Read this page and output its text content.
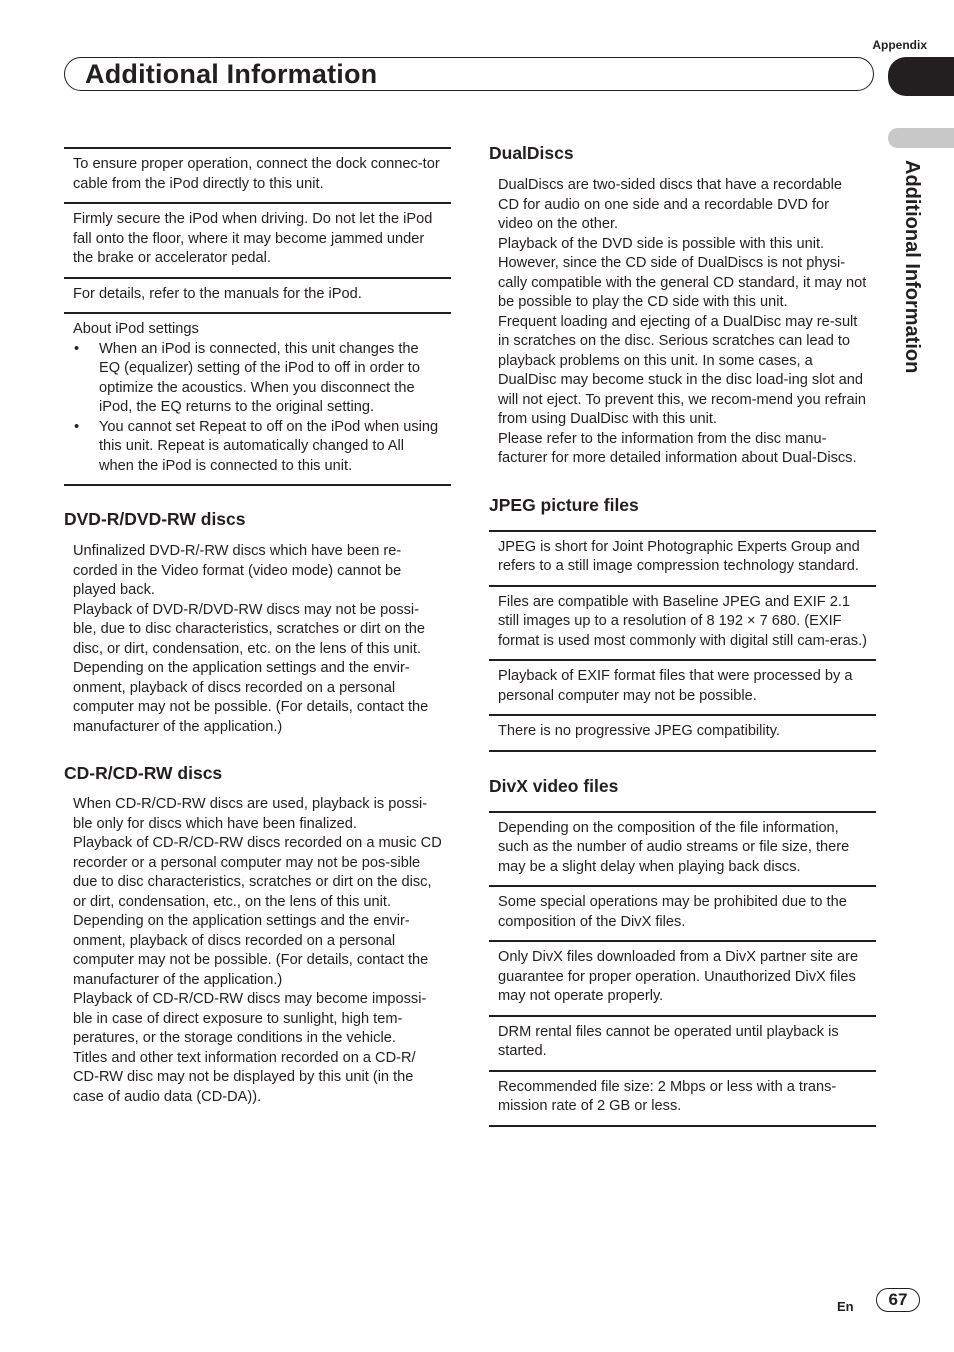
Appendix
Additional Information
Additional Information

To ensure proper operation, connect the dock connec-tor cable from the iPod directly to this unit.

Firmly secure the iPod when driving. Do not let the iPod fall onto the floor, where it may become jammed under the brake or accelerator pedal.

For details, refer to the manuals for the iPod.

About iPod settings

• When an iPod is connected, this unit changes the EQ (equalizer) setting of the iPod to off in order to optimize the acoustics. When you disconnect the iPod, the EQ returns to the original setting.
• You cannot set Repeat to off on the iPod when using this unit. Repeat is automatically changed to All when the iPod is connected to this unit.
DVD-R/DVD-RW discs

Unfinalized DVD-R/-RW discs which have been re-corded in the Video format (video mode) cannot be played back.

Playback of DVD-R/DVD-RW discs may not be possi-ble, due to disc characteristics, scratches or dirt on the disc, or dirt, condensation, etc. on the lens of this unit.

Depending on the application settings and the envir-onment, playback of discs recorded on a personal computer may not be possible. (For details, contact the manufacturer of the application.)

CD-R/CD-RW discs

When CD-R/CD-RW discs are used, playback is possi-ble only for discs which have been finalized.

Playback of CD-R/CD-RW discs recorded on a music CD recorder or a personal computer may not be pos-sible due to disc characteristics, scratches or dirt on the disc, or dirt, condensation, etc., on the lens of this unit.

Depending on the application settings and the envir-onment, playback of discs recorded on a personal computer may not be possible. (For details, contact the manufacturer of the application.)

Playback of CD-R/CD-RW discs may become impossi-ble in case of direct exposure to sunlight, high tem-peratures, or the storage conditions in the vehicle.

Titles and other text information recorded on a CD-R/ CD-RW disc may not be displayed by this unit (in the case of audio data (CD-DA)).

DualDiscs

DualDiscs are two-sided discs that have a recordable CD for audio on one side and a recordable DVD for video on the other.

Playback of the DVD side is possible with this unit. However, since the CD side of DualDiscs is not physi-cally compatible with the general CD standard, it may not be possible to play the CD side with this unit.

Frequent loading and ejecting of a DualDisc may re-sult in scratches on the disc. Serious scratches can lead to playback problems on this unit. In some cases, a DualDisc may become stuck in the disc load-ing slot and will not eject. To prevent this, we recom-mend you refrain from using DualDisc with this unit.

Please refer to the information from the disc manu-facturer for more detailed information about Dual-Discs.

JPEG picture files

JPEG is short for Joint Photographic Experts Group and refers to a still image compression technology standard.

Files are compatible with Baseline JPEG and EXIF 2.1 still images up to a resolution of 8 192 × 7 680. (EXIF format is used most commonly with digital still cam-eras.)

Playback of EXIF format files that were processed by a personal computer may not be possible.

There is no progressive JPEG compatibility.

DivX video files

Depending on the composition of the file information, such as the number of audio streams or file size, there may be a slight delay when playing back discs.

Some special operations may be prohibited due to the composition of the DivX files.

Only DivX files downloaded from a DivX partner site are guarantee for proper operation. Unauthorized DivX files may not operate properly.

DRM rental files cannot be operated until playback is started.

Recommended file size: 2 Mbps or less with a trans-mission rate of 2 GB or less.

En	67
